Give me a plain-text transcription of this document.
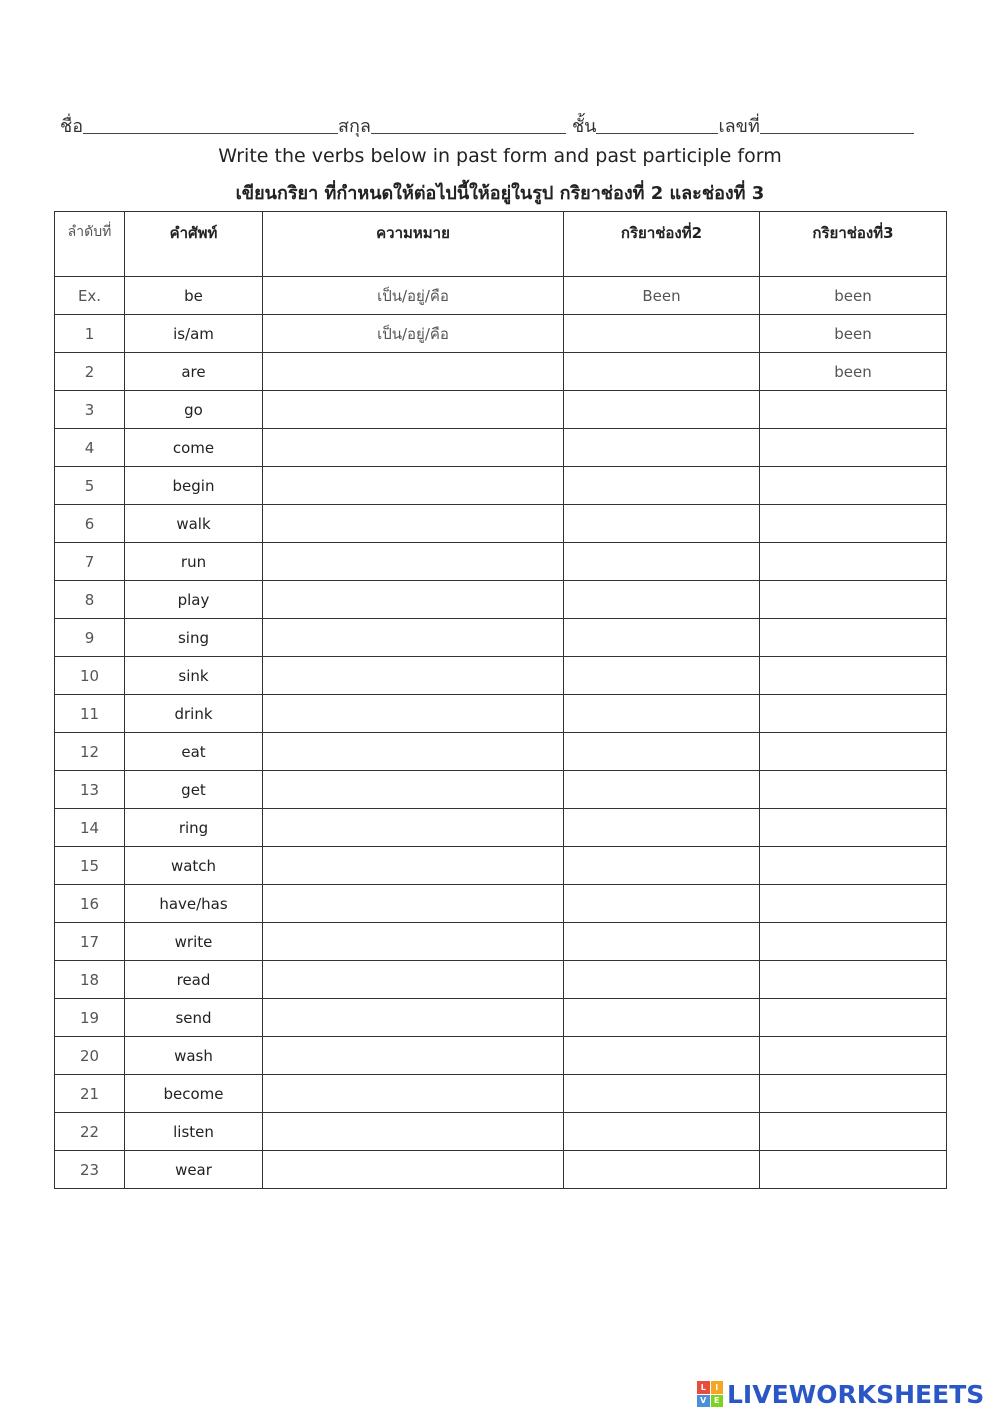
ชื่อ	สกุล	ชั้น	เลขที่
Write the verbs below in past form and past participle form
เขียนกริยา ที่กำหนดให้ต่อไปนี้ให้อยู่ในรูป กริยาช่องที่ 2 และช่องที่ 3
ลำดับที่	คำศัพท์	ความหมาย	กริยาช่องที่2	กริยาช่องที่3
Ex.	be	เป็น/อยู่/คือ	Been	been
1	is/am	เป็น/อยู่/คือ		been
2	are			been
3	go			
4	come			
5	begin			
6	walk			
7	run			
8	play			
9	sing			
10	sink			
11	drink			
12	eat			
13	get			
14	ring			
15	watch			
16	have/has			
17	write			
18	read			
19	send			
20	wash			
21	become			
22	listen			
23	wear			
L	I
V E LIVEWORKSHEETS
